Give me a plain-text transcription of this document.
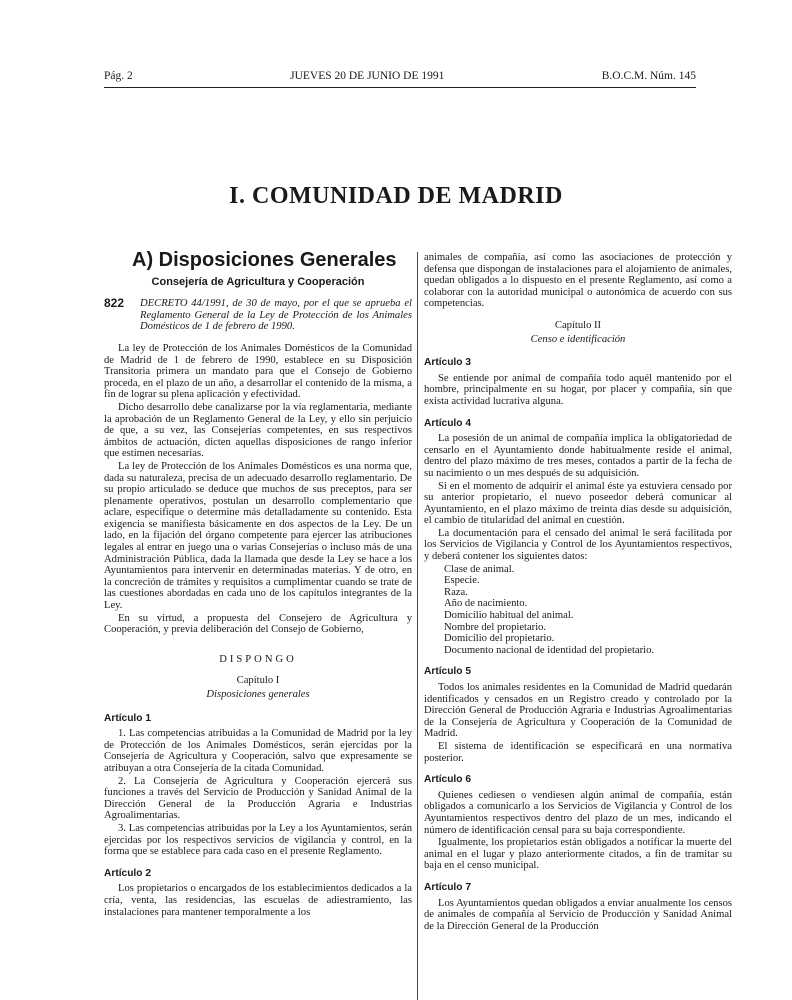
Pág. 2	JUEVES 20 DE JUNIO DE 1991	B.O.C.M. Núm. 145
I. COMUNIDAD DE MADRID
A) Disposiciones Generales
Consejería de Agricultura y Cooperación
822	DECRETO 44/1991, de 30 de mayo, por el que se aprueba el Reglamento General de la Ley de Protección de los Animales Domésticos de 1 de febrero de 1990.

La ley de Protección de los Animales Domésticos de la Comunidad de Madrid de 1 de febrero de 1990, establece en su Disposición Transitoria primera un mandato para que el Consejo de Gobierno proceda, en el plazo de un año, a desarrollar el contenido de la misma, a fin de lograr su plena aplicación y efectividad.

Dicho desarrollo debe canalizarse por la vía reglamentaria, mediante la aprobación de un Reglamento General de la Ley, y ello sin perjuicio de que, a su vez, las Consejerías competentes, en sus respectivos ámbitos de actuación, dicten aquellas disposiciones de rango inferior que estimen necesarias.

La ley de Protección de los Animales Domésticos es una norma que, dada su naturaleza, precisa de un adecuado desarrollo reglamentario. De su propio articulado se deduce que muchos de sus preceptos, para ser plenamente operativos, postulan un desarrollo complementario que aclare, especifique o determine más detalladamente su contenido. Esta exigencia se manifiesta básicamente en dos aspectos de la Ley. De un lado, en la fijación del órgano competente para ejercer las atribuciones legales al entrar en juego una o varias Consejerías o incluso más de una Administración Pública, dada la llamada que desde la Ley se hace a los Ayuntamientos para intervenir en determinadas materias. Y de otro, en la concreción de trámites y requisitos a cumplimentar cuando se trate de las cuestiones abordadas en cada uno de los capítulos integrantes de la Ley.

En su virtud, a propuesta del Consejero de Agricultura y Cooperación, y previa deliberación del Consejo de Gobierno,

DISPONGO

Capítulo I

Disposiciones generales

Artículo 1

1. Las competencias atribuidas a la Comunidad de Madrid por la ley de Protección de los Animales Domésticos, serán ejercidas por la Consejería de Agricultura y Cooperación, salvo que expresamente se atribuyan a otra Consejería de la citada Comunidad.

2. La Consejería de Agricultura y Cooperación ejercerá sus funciones a través del Servicio de Producción y Sanidad Animal de la Dirección General de la Producción Agraria e Industrias Agroalimentarias.

3. Las competencias atribuidas por la Ley a los Ayuntamientos, serán ejercidas por los respectivos servicios de vigilancia y control, en la forma que se establece para cada caso en el presente Reglamento.

Artículo 2

Los propietarios o encargados de los establecimientos dedicados a la cría, venta, las residencias, las escuelas de adiestramiento, las instalaciones para mantener temporalmente a los

animales de compañía, así como las asociaciones de protección y defensa que dispongan de instalaciones para el alojamiento de animales, quedan obligados a lo dispuesto en el presente Reglamento, así como a colaborar con la autoridad municipal o autonómica de acuerdo con sus competencias.

Capítulo II

Censo e identificación

Artículo 3

Se entiende por animal de compañía todo aquél mantenido por el hombre, principalmente en su hogar, por placer y compañía, sin que exista actividad lucrativa alguna.

Artículo 4

La posesión de un animal de compañía implica la obligatoriedad de censarlo en el Ayuntamiento donde habitualmente reside el animal, dentro del plazo máximo de tres meses, contados a partir de la fecha de su nacimiento o un mes después de su adquisición.

Si en el momento de adquirir el animal éste ya estuviera censado por su anterior propietario, el nuevo poseedor deberá comunicar al Ayuntamiento, en el plazo máximo de treinta días desde su adquisición, el cambio de titularidad del animal en cuestión.

La documentación para el censado del animal le será facilitada por los Servicios de Vigilancia y Control de los Ayuntamientos respectivos, y deberá contener los siguientes datos:

Clase de animal.

Especie.

Raza.

Año de nacimiento.

Domicilio habitual del animal.

Nombre del propietario.

Domicilio del propietario.

Documento nacional de identidad del propietario.

Artículo 5

Todos los animales residentes en la Comunidad de Madrid quedarán identificados y censados en un Registro creado y controlado por la Dirección General de Producción Agraria e Industrias Agroalimentarias de la Consejería de Agricultura y Cooperación de la Comunidad de Madrid.

El sistema de identificación se especificará en una normativa posterior.

Artículo 6

Quienes cediesen o vendiesen algún animal de compañía, están obligados a comunicarlo a los Servicios de Vigilancia y Control de los Ayuntamientos respectivos dentro del plazo de un mes, indicando el número de identificación censal para su baja correspondiente.

Igualmente, los propietarios están obligados a notificar la muerte del animal en el lugar y plazo anteriormente citados, a fin de tramitar su baja en el censo municipal.

Artículo 7

Los Ayuntamientos quedan obligados a enviar anualmente los censos de animales de compañía al Servicio de Producción y Sanidad Animal de la Dirección General de la Producción
